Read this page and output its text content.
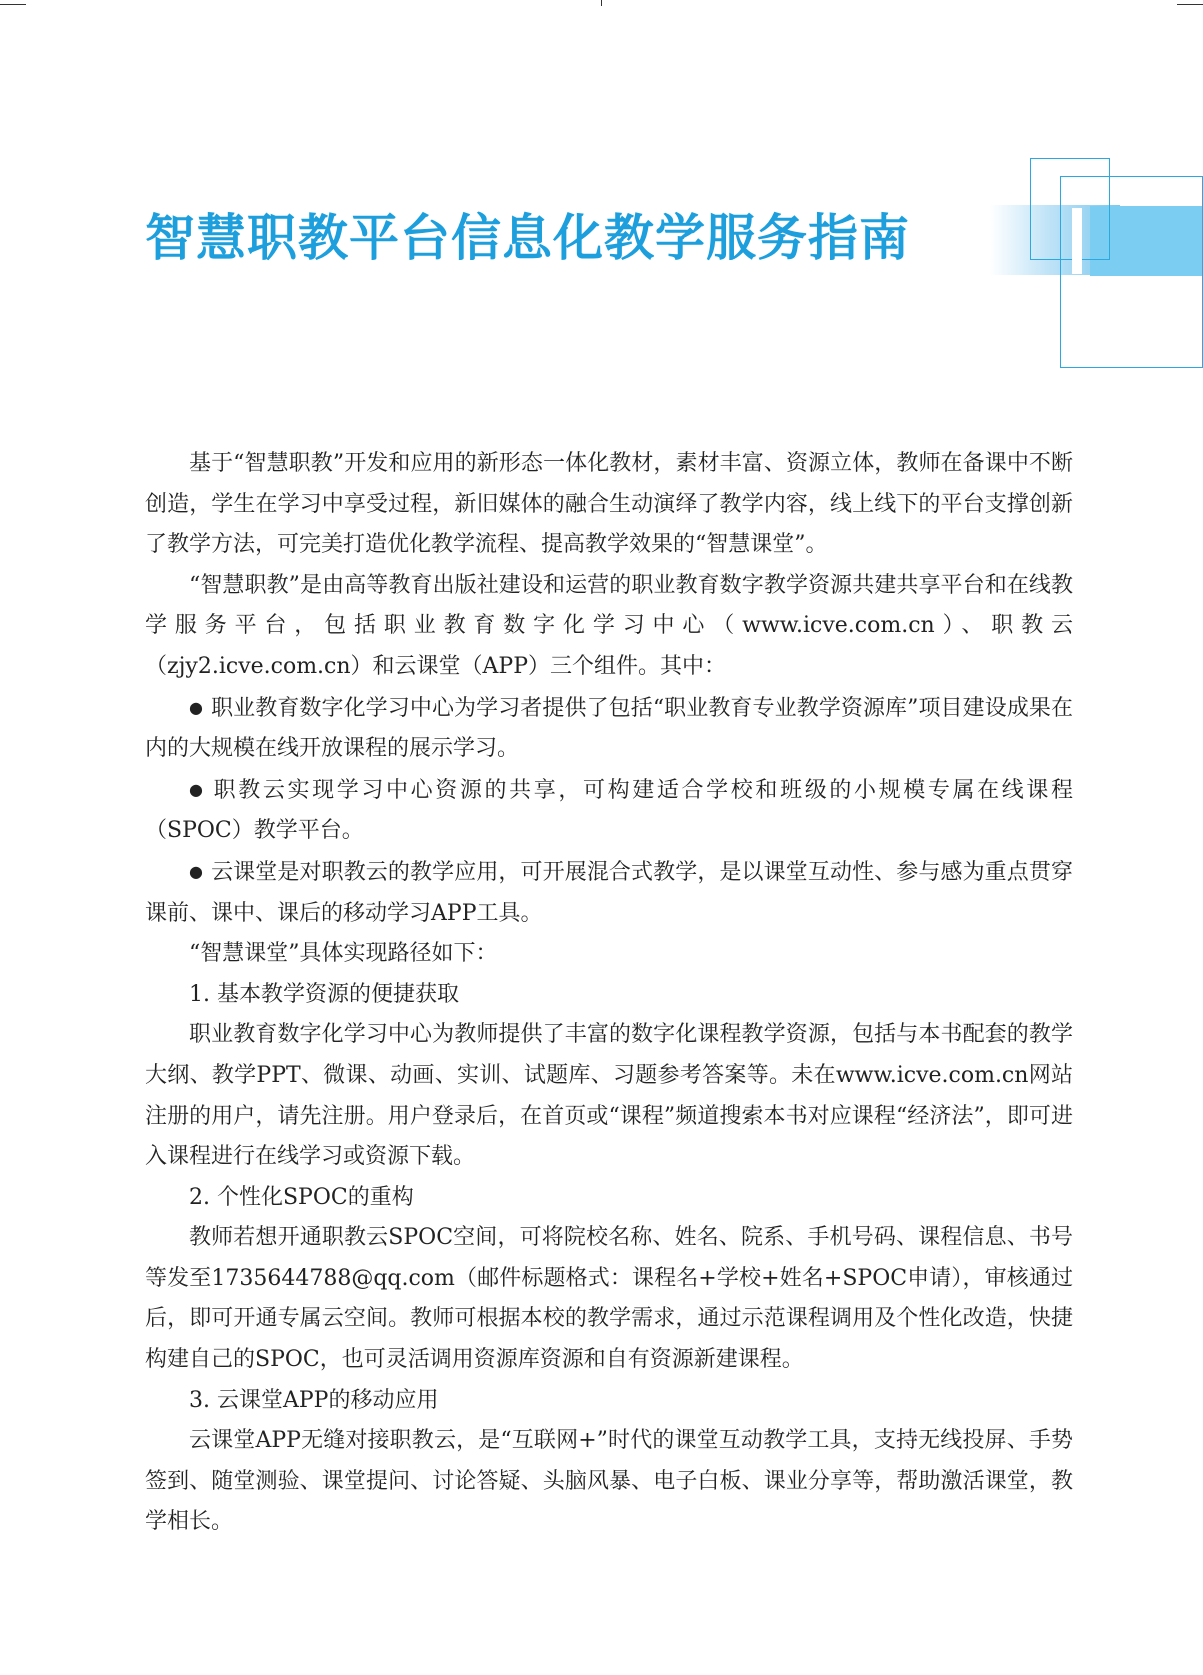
智慧职教平台信息化教学服务指南

基于“智慧职教”开发和应用的新形态一体化教材，素材丰富、资源立体，教师在备课中不断创造，学生在学习中享受过程，新旧媒体的融合生动演绎了教学内容，线上线下的平台支撑创新了教学方法，可完美打造优化教学流程、提高教学效果的“智慧课堂”。

“智慧职教”是由高等教育出版社建设和运营的职业教育数字教学资源共建共享平台和在线教学服务平台，包括职业教育数字化学习中心（www.icve.com.cn）、职教云（zjy2.icve.com.cn）和云课堂（APP）三个组件。其中：

● 职业教育数字化学习中心为学习者提供了包括“职业教育专业教学资源库”项目建设成果在内的大规模在线开放课程的展示学习。

● 职教云实现学习中心资源的共享，可构建适合学校和班级的小规模专属在线课程（SPOC）教学平台。

● 云课堂是对职教云的教学应用，可开展混合式教学，是以课堂互动性、参与感为重点贯穿课前、课中、课后的移动学习APP工具。

“智慧课堂”具体实现路径如下：

1. 基本教学资源的便捷获取

职业教育数字化学习中心为教师提供了丰富的数字化课程教学资源，包括与本书配套的教学大纲、教学PPT、微课、动画、实训、试题库、习题参考答案等。未在www.icve.com.cn网站注册的用户，请先注册。用户登录后，在首页或“课程”频道搜索本书对应课程“经济法”，即可进入课程进行在线学习或资源下载。

2. 个性化SPOC的重构

教师若想开通职教云SPOC空间，可将院校名称、姓名、院系、手机号码、课程信息、书号等发至1735644788@qq.com（邮件标题格式：课程名+学校+姓名+SPOC申请），审核通过后，即可开通专属云空间。教师可根据本校的教学需求，通过示范课程调用及个性化改造，快捷构建自己的SPOC，也可灵活调用资源库资源和自有资源新建课程。

3. 云课堂APP的移动应用

云课堂APP无缝对接职教云，是“互联网+”时代的课堂互动教学工具，支持无线投屏、手势签到、随堂测验、课堂提问、讨论答疑、头脑风暴、电子白板、课业分享等，帮助激活课堂，教学相长。
